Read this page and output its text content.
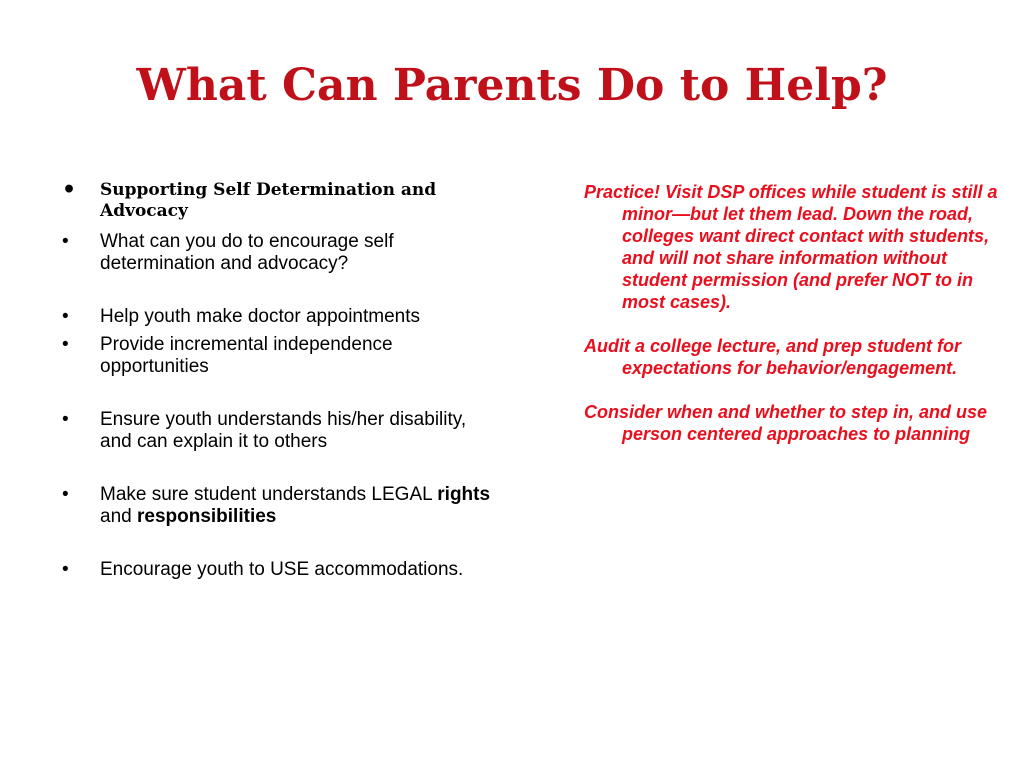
What Can Parents Do to Help?
•	Supporting Self Determination and Advocacy
•	What can you do to encourage self determination and advocacy?
•	Help youth make doctor appointments
•	Provide incremental independence opportunities
•	Ensure youth understands his/her disability, and can explain it to others
•	Make sure student understands LEGAL rights and responsibilities
•	Encourage youth to USE accommodations.

Practice! Visit DSP offices while student is still a minor—but let them lead. Down the road, colleges want direct contact with students, and will not share information without student permission (and prefer NOT to in most cases).

Audit a college lecture, and prep student for expectations for behavior/engagement.

Consider when and whether to step in, and use person centered approaches to planning
